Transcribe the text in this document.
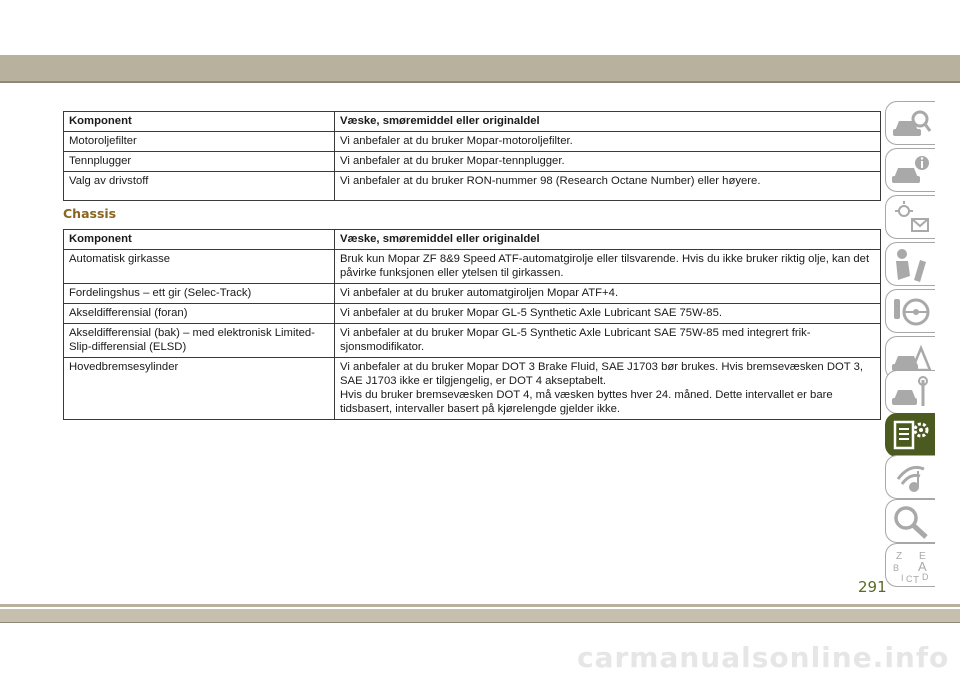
Komponent	Væske, smøremiddel eller originaldel
Motoroljefilter	Vi anbefaler at du bruker Mopar-motoroljefilter.
Tennplugger	Vi anbefaler at du bruker Mopar-tennplugger.
Valg av drivstoff	Vi anbefaler at du bruker RON-nummer 98 (Research Octane Number) eller høyere.
Chassis
Komponent	Væske, smøremiddel eller originaldel
Automatisk girkasse	Bruk kun Mopar ZF 8&9 Speed ATF-automatgirolje eller tilsvarende. Hvis du ikke bruker riktig olje, kan det påvirke funksjonen eller ytelsen til girkassen.
Fordelingshus – ett gir (Selec-Track)	Vi anbefaler at du bruker automatgiroljen Mopar ATF+4.
Akseldifferensial (foran)	Vi anbefaler at du bruker Mopar GL-5 Synthetic Axle Lubricant SAE 75W-85.
Akseldifferensial (bak) – med elektronisk Limited-Slip-differensial (ELSD)	Vi anbefaler at du bruker Mopar GL-5 Synthetic Axle Lubricant SAE 75W-85 med integrert friksjonsmodifikator.
Hovedbremsesylinder	Vi anbefaler at du bruker Mopar DOT 3 Brake Fluid, SAE J1703 bør brukes. Hvis bremsevæsken DOT 3, SAE J1703 ikke er tilgjengelig, er DOT 4 akseptabelt.
Hvis du bruker bremsevæsken DOT 4, må væsken byttes hver 24. måned. Dette intervallet er bare tidsbasert, intervaller basert på kjørelengde gjelder ikke.
Z E
B A
I C T D
291
carmanualsonline.info
